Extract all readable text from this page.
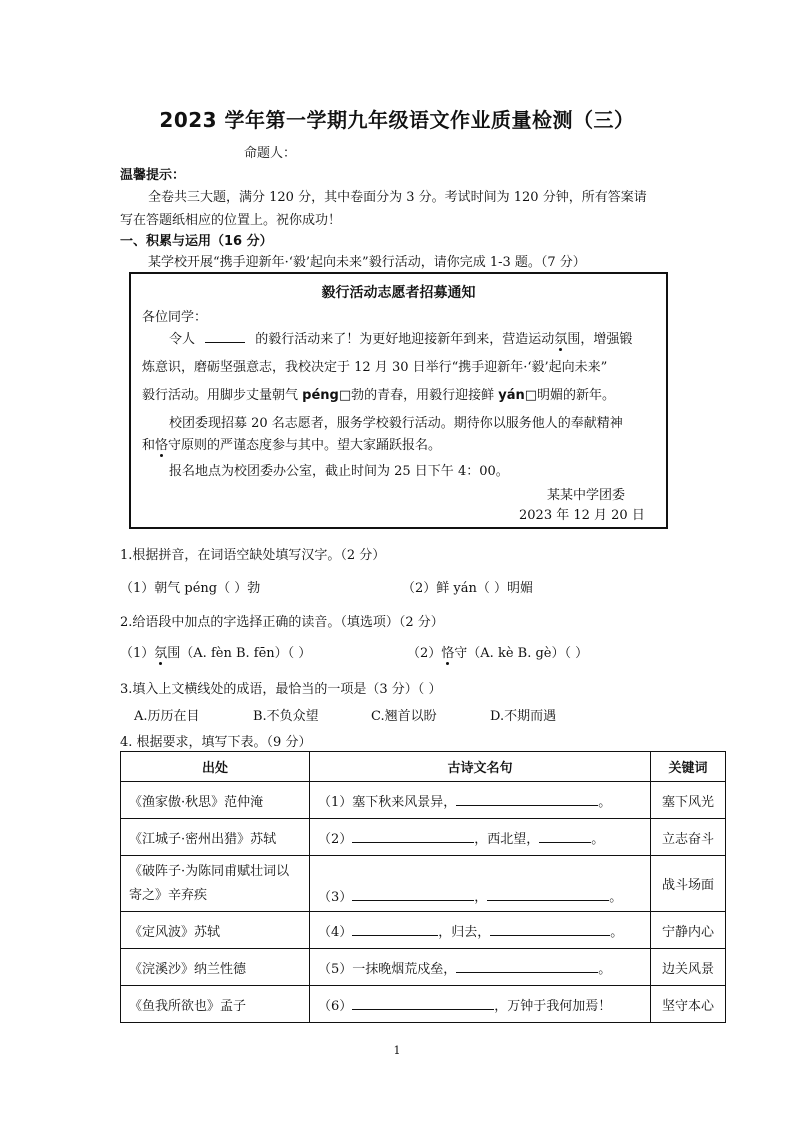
2023 学年第一学期九年级语文作业质量检测（三）
命题人：
温馨提示：
全卷共三大题，满分 120 分，其中卷面分为 3 分。考试时间为 120 分钟，所有答案请
写在答题纸相应的位置上。祝你成功！
一、积累与运用（16 分）
某学校开展“携手迎新年·‘毅’起向未来”毅行活动，请你完成 1-3 题。（7 分）
毅行活动志愿者招募通知
各位同学：
令人	的毅行活动来了！为更好地迎接新年到来，营造运动氛围，增强锻
炼意识，磨砺坚强意志，我校决定于 12 月 30 日举行“携手迎新年·‘毅’起向未来”
毅行活动。用脚步丈量朝气 péng□勃的青春，用毅行迎接鲜 yán□明媚的新年。
校团委现招募 20 名志愿者，服务学校毅行活动。期待你以服务他人的奉献精神
和恪守原则的严谨态度参与其中。望大家踊跃报名。
报名地点为校团委办公室，截止时间为 25 日下午 4：00。
某某中学团委
2023 年 12 月 20 日
1.根据拼音，在词语空缺处填写汉字。（2 分）
（1）朝气 péng（ ）勃	（2）鲜 yán（ ）明媚
2.给语段中加点的字选择正确的读音。（填选项）（2 分）
（1）氛围（A. fèn B. fēn）（ ）	（2）恪守（A. kè B. gè）（ ）
3.填入上文横线处的成语，最恰当的一项是（3 分）（ ）
A.历历在目	B.不负众望	C.翘首以盼	D.不期而遇
4. 根据要求，填写下表。（9 分）
出处	古诗文名句	关键词
《渔家傲·秋思》范仲淹	（1）塞下秋来风景异， 。	塞下风光
《江城子·密州出猎》苏轼	（2） ，西北望， 。	立志奋斗
《破阵子·为陈同甫赋壮词以寄之》辛弃疾	（3） ， 。	战斗场面
《定风波》苏轼	（4） ，归去， 。	宁静内心
《浣溪沙》纳兰性德	（5）一抹晚烟荒戍垒， 。	边关风景
《鱼我所欲也》孟子	（6） ，万钟于我何加焉！	坚守本心
1
